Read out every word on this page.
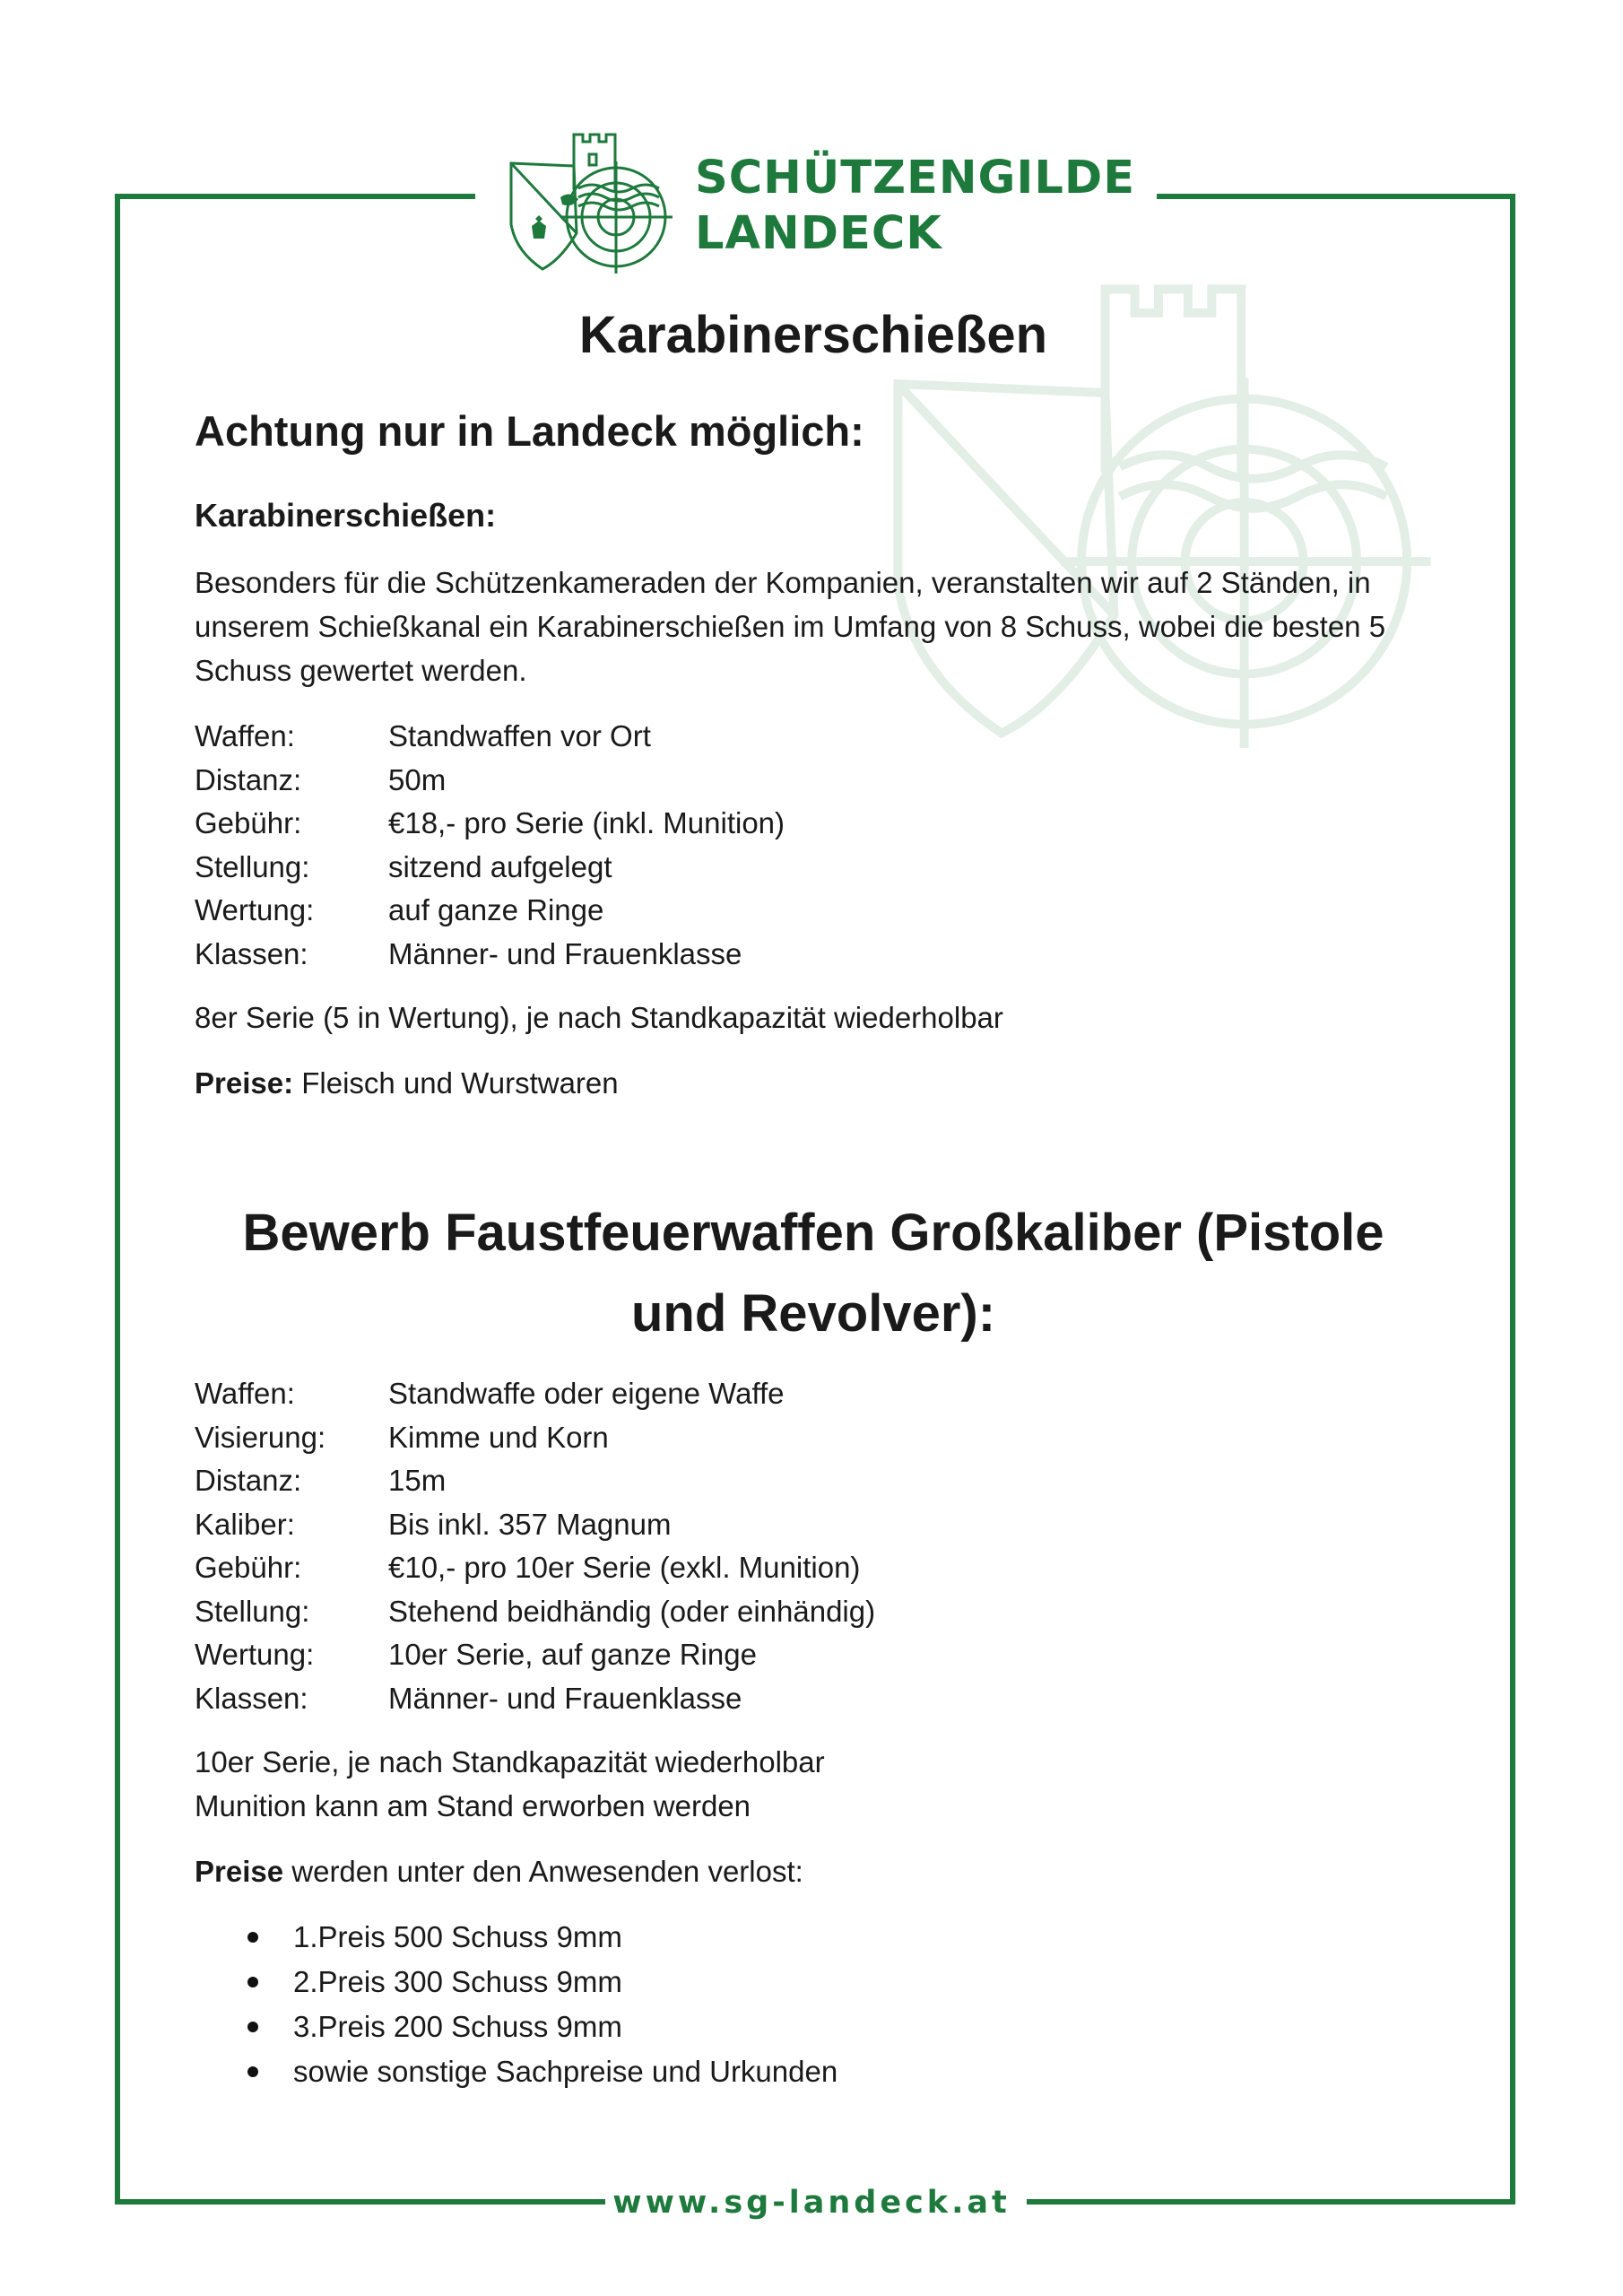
SCHÜTZENGILDE
LANDECK
Karabinerschießen
Achtung nur in Landeck möglich:
Karabinerschießen:
Besonders für die Schützenkameraden der Kompanien, veranstalten wir auf 2 Ständen, in
unserem Schießkanal ein Karabinerschießen im Umfang von 8 Schuss, wobei die besten 5
Schuss gewertet werden.
Waffen:	Standwaffen vor Ort
Distanz:	50m
Gebühr:	€18,- pro Serie (inkl. Munition)
Stellung:	sitzend aufgelegt
Wertung:	auf ganze Ringe
Klassen:	Männer- und Frauenklasse
8er Serie (5 in Wertung), je nach Standkapazität wiederholbar
Preise: Fleisch und Wurstwaren
Bewerb Faustfeuerwaffen Großkaliber (Pistole
und Revolver):
Waffen:	Standwaffe oder eigene Waffe
Visierung: Kimme und Korn
Distanz:	15m
Kaliber:	Bis inkl. 357 Magnum
Gebühr:	€10,- pro 10er Serie (exkl. Munition)
Stellung:	Stehend beidhändig (oder einhändig)
Wertung:	10er Serie, auf ganze Ringe
Klassen:	Männer- und Frauenklasse
10er Serie, je nach Standkapazität wiederholbar
Munition kann am Stand erworben werden
Preise werden unter den Anwesenden verlost:
1.Preis 500 Schuss 9mm
2.Preis 300 Schuss 9mm
3.Preis 200 Schuss 9mm
sowie sonstige Sachpreise und Urkunden
www.sg-landeck.at
